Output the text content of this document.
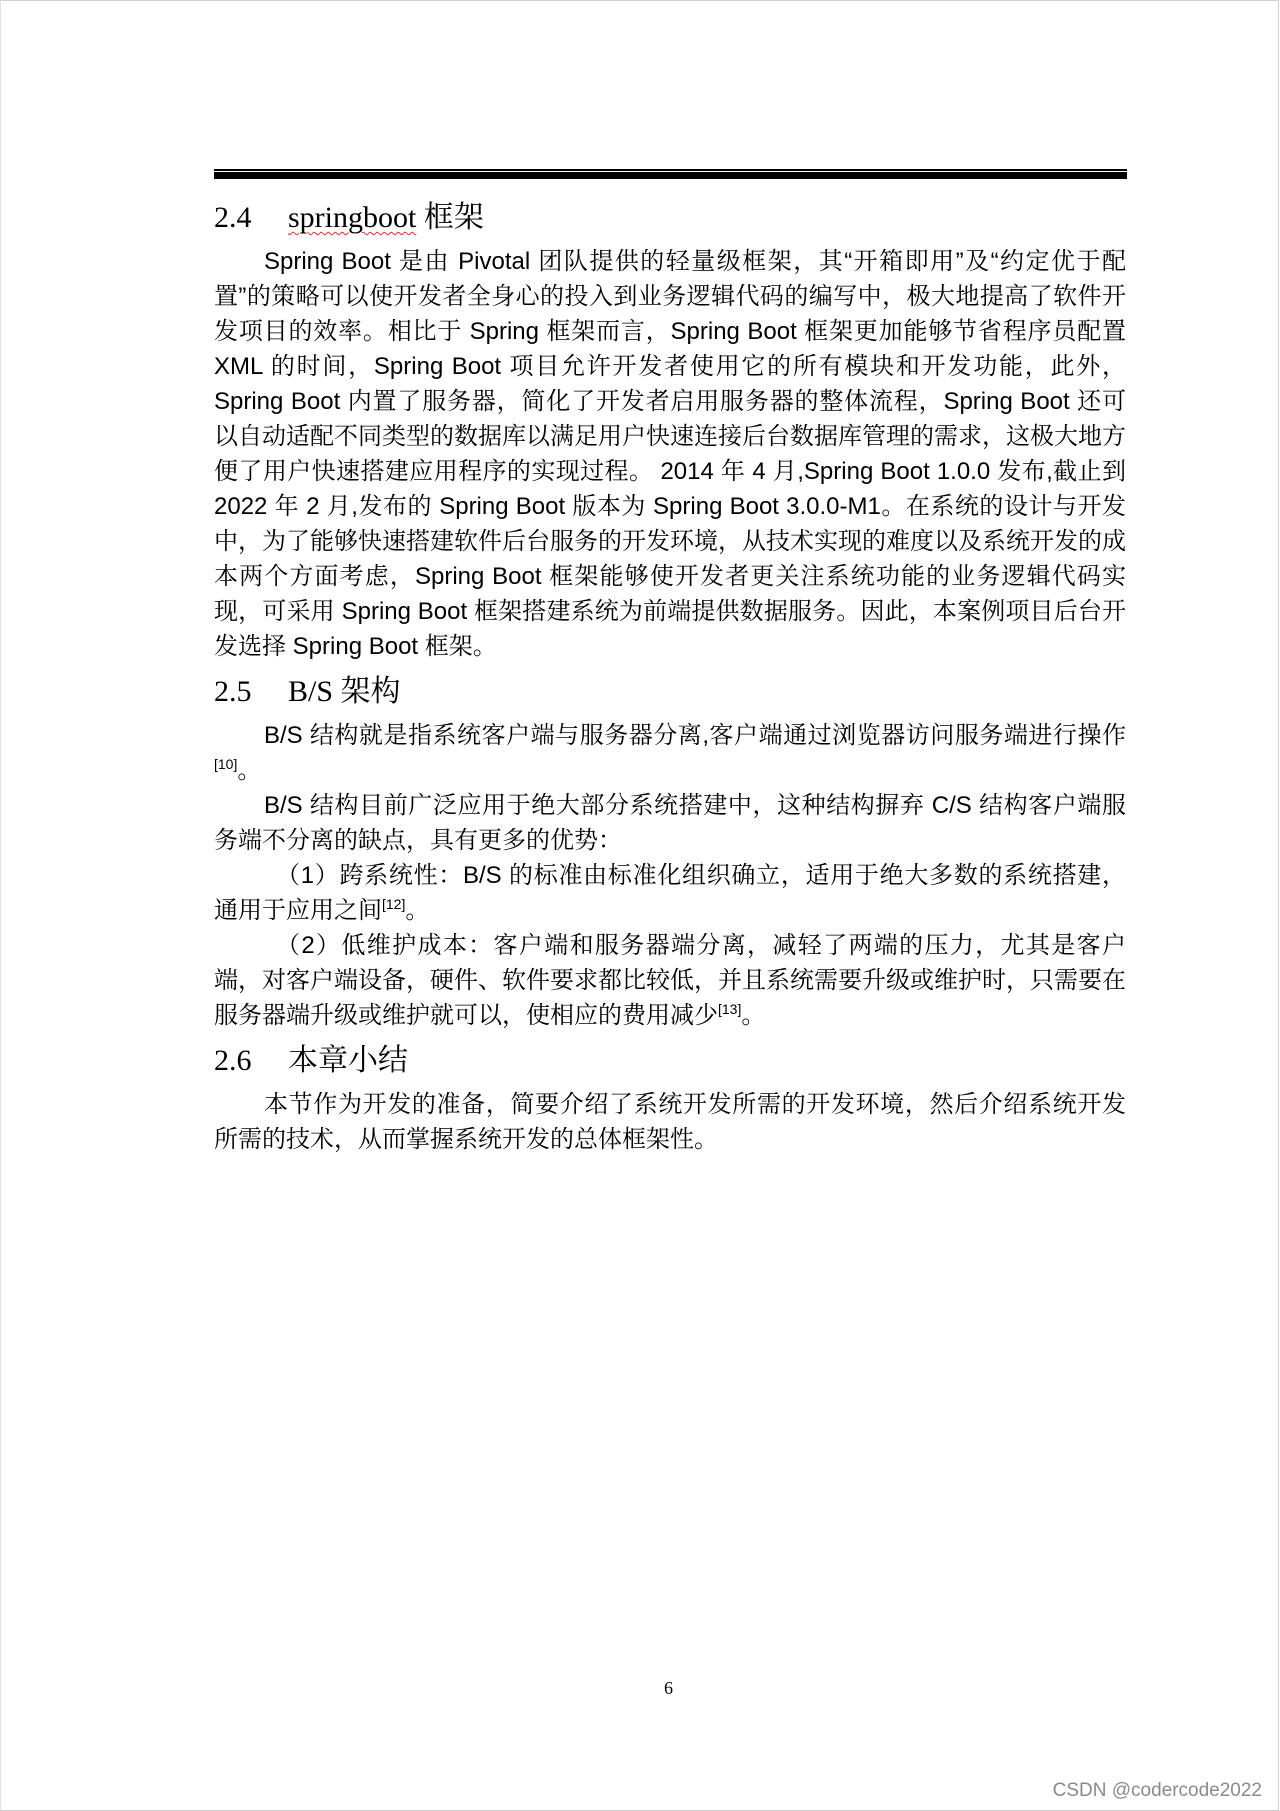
2.4 springboot 框架

Spring Boot 是由 Pivotal 团队提供的轻量级框架，其“开箱即用”及“约定优于配置”的策略可以使开发者全身心的投入到业务逻辑代码的编写中，极大地提高了软件开发项目的效率。相比于 Spring 框架而言，Spring Boot 框架更加能够节省程序员配置 XML 的时间，Spring Boot 项目允许开发者使用它的所有模块和开发功能，此外， Spring Boot 内置了服务器，简化了开发者启用服务器的整体流程，Spring Boot 还可以自动适配不同类型的数据库以满足用户快速连接后台数据库管理的需求，这极大地方便了用户快速搭建应用程序的实现过程。 2014 年 4 月,Spring Boot 1.0.0 发布,截止到 2022 年 2 月,发布的 Spring Boot 版本为 Spring Boot 3.0.0-M1。在系统的设计与开发中，为了能够快速搭建软件后台服务的开发环境，从技术实现的难度以及系统开发的成本两个方面考虑，Spring Boot 框架能够使开发者更关注系统功能的业务逻辑代码实现，可采用 Spring Boot 框架搭建系统为前端提供数据服务。因此，本案例项目后台开发选择 Spring Boot 框架。

2.5 B/S 架构

B/S 结构就是指系统客户端与服务器分离,客户端通过浏览器访问服务端进行操作[10]。

B/S 结构目前广泛应用于绝大部分系统搭建中，这种结构摒弃 C/S 结构客户端服务端不分离的缺点，具有更多的优势：

（1）跨系统性：B/S 的标准由标准化组织确立，适用于绝大多数的系统搭建，通用于应用之间[12]。

（2）低维护成本：客户端和服务器端分离，减轻了两端的压力，尤其是客户端，对客户端设备，硬件、软件要求都比较低，并且系统需要升级或维护时，只需要在服务器端升级或维护就可以，使相应的费用减少[13]。

2.6 本章小结

本节作为开发的准备，简要介绍了系统开发所需的开发环境，然后介绍系统开发所需的技术，从而掌握系统开发的总体框架性。

6
CSDN @codercode2022
